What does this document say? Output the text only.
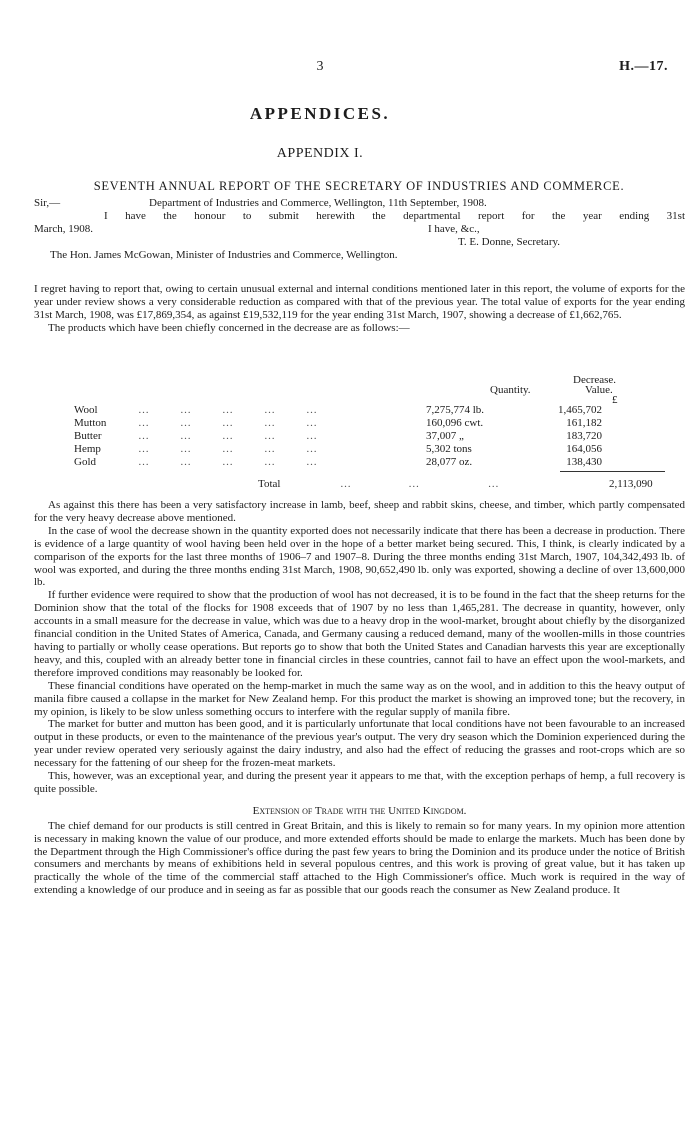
3	H.—17.
APPENDICES.
APPENDIX I.
SEVENTH ANNUAL REPORT OF THE SECRETARY OF INDUSTRIES AND COMMERCE.
Sir,—	Department of Industries and Commerce, Wellington, 11th September, 1908.
I have the honour to submit herewith the departmental report for the year ending 31st
March, 1908.	I have, &c.,
T. E. Donne, Secretary.
The Hon. James McGowan, Minister of Industries and Commerce, Wellington.

I regret having to report that, owing to certain unusual external and internal conditions mentioned later in this report, the volume of exports for the year under review shows a very considerable reduction as compared with that of the previous year. The total value of exports for the year ending 31st March, 1908, was £17,869,354, as against £19,532,119 for the year ending 31st March, 1907, showing a decrease of £1,662,765.

The products which have been chiefly concerned in the decrease are as follows:—

Decrease.
Quantity.	Value.
£
Wool	…        …        …        …        …	7,275,774 lb.	1,465,702
Mutton	…        …        …        …        …	160,096 cwt.	161,182
Butter	…        …        …        …        …	37,007 „	183,720
Hemp	…        …        …        …        …	5,302 tons	164,056
Gold	…        …        …        …        …	28,077 oz.	138,430
Total	…               …                  …	2,113,090

As against this there has been a very satisfactory increase in lamb, beef, sheep and rabbit skins, cheese, and timber, which partly compensated for the very heavy decrease above mentioned.

In the case of wool the decrease shown in the quantity exported does not necessarily indicate that there has been a decrease in production. There is evidence of a large quantity of wool having been held over in the hope of a better market being secured. This, I think, is clearly indicated by a comparison of the exports for the last three months of 1906–7 and 1907–8. During the three months ending 31st March, 1907, 104,342,493 lb. of wool was exported, and during the three months ending 31st March, 1908, 90,652,490 lb. only was exported, showing a decline of over 13,600,000 lb.

If further evidence were required to show that the production of wool has not decreased, it is to be found in the fact that the sheep returns for the Dominion show that the total of the flocks for 1908 exceeds that of 1907 by no less than 1,465,281. The decrease in quantity, however, only accounts in a small measure for the decrease in value, which was due to a heavy drop in the wool-market, brought about chiefly by the disorganized financial condition in the United States of America, Canada, and Germany causing a reduced demand, many of the woollen-mills in those countries having to partially or wholly cease operations. But reports go to show that both the United States and Canadian harvests this year are exceptionally heavy, and this, coupled with an already better tone in financial circles in these countries, cannot fail to have an effect upon the wool-markets, and therefore improved conditions may reasonably be looked for.

These financial conditions have operated on the hemp-market in much the same way as on the wool, and in addition to this the heavy output of manila fibre caused a collapse in the market for New Zealand hemp. For this product the market is showing an improved tone; but the recovery, in my opinion, is likely to be slow unless something occurs to interfere with the regular supply of manila fibre.

The market for butter and mutton has been good, and it is particularly unfortunate that local conditions have not been favourable to an increased output in these products, or even to the maintenance of the previous year's output. The very dry season which the Dominion experienced during the year under review operated very seriously against the dairy industry, and also had the effect of reducing the grasses and root-crops which are so necessary for the fattening of our sheep for the frozen-meat markets.

This, however, was an exceptional year, and during the present year it appears to me that, with the exception perhaps of hemp, a full recovery is quite possible.

Extension of Trade with the United Kingdom.

The chief demand for our products is still centred in Great Britain, and this is likely to remain so for many years. In my opinion more attention is necessary in making known the value of our produce, and more extended efforts should be made to enlarge the markets. Much has been done by the Department through the High Commissioner's office during the past few years to bring the Dominion and its produce under the notice of British consumers and merchants by means of exhibitions held in several populous centres, and this work is proving of great value, but it has taken up practically the whole of the time of the commercial staff attached to the High Commissioner's office. Much work is required in the way of extending a knowledge of our produce and in seeing as far as possible that our goods reach the consumer as New Zealand produce. It
